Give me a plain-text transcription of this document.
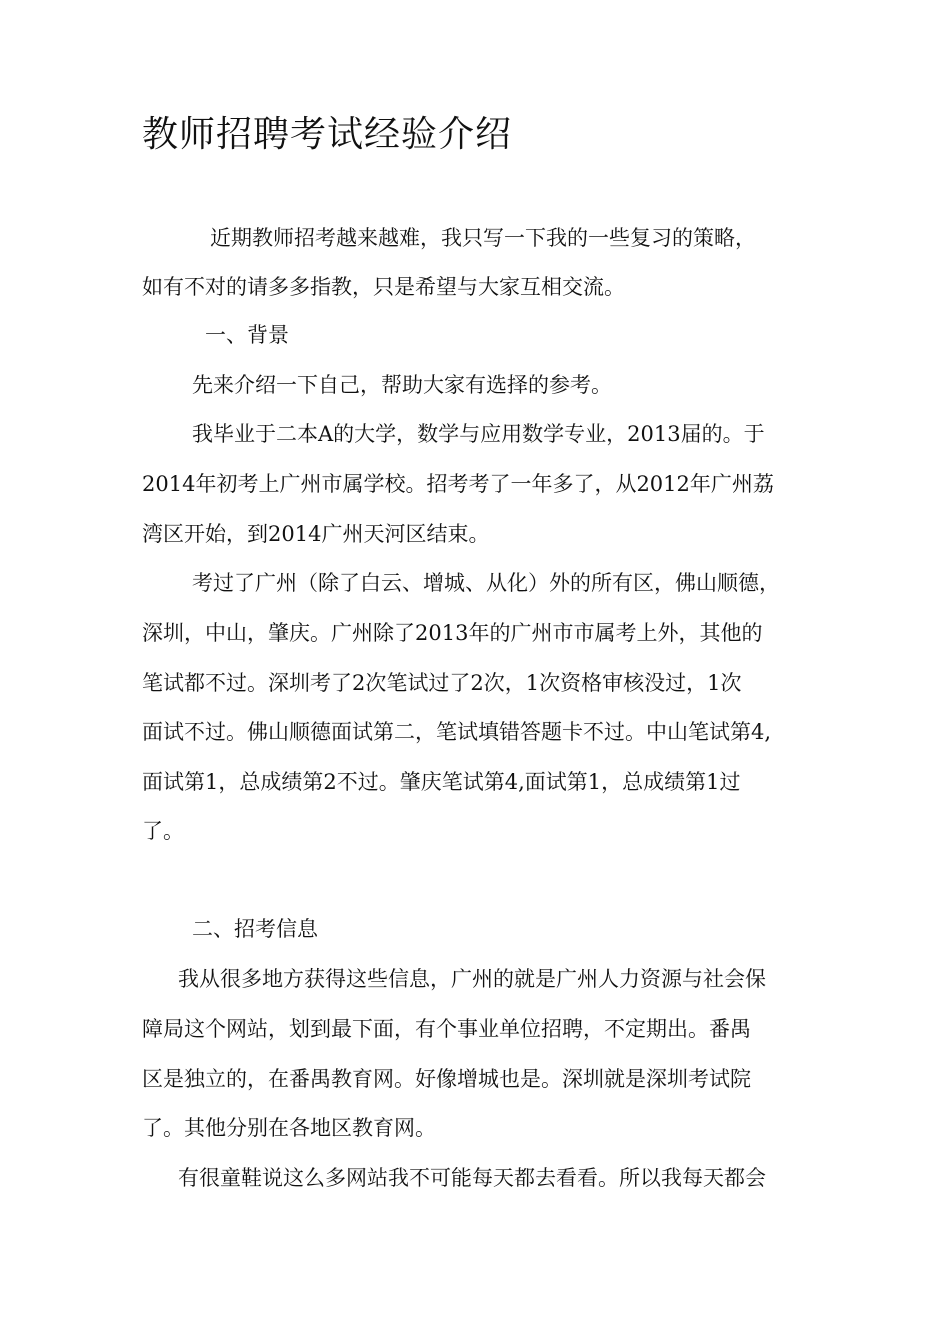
教师招聘考试经验介绍
近期教师招考越来越难，我只写一下我的一些复习的策略，
如有不对的请多多指教，只是希望与大家互相交流。
一、背景
先来介绍一下自己，帮助大家有选择的参考。
我毕业于二本A的大学，数学与应用数学专业，2013届的。于
2014年初考上广州市属学校。招考考了一年多了，从2012年广州荔
湾区开始，到2014广州天河区结束。
考过了广州（除了白云、增城、从化）外的所有区，佛山顺德，
深圳，中山，肇庆。广州除了2013年的广州市市属考上外，其他的
笔试都不过。深圳考了2次笔试过了2次，1次资格审核没过，1次
面试不过。佛山顺德面试第二，笔试填错答题卡不过。中山笔试第4,
面试第1，总成绩第2不过。肇庆笔试第4,面试第1，总成绩第1过
了。
二、招考信息
我从很多地方获得这些信息，广州的就是广州人力资源与社会保
障局这个网站，划到最下面，有个事业单位招聘，不定期出。番禺
区是独立的，在番禺教育网。好像增城也是。深圳就是深圳考试院
了。其他分别在各地区教育网。
有很童鞋说这么多网站我不可能每天都去看看。所以我每天都会
